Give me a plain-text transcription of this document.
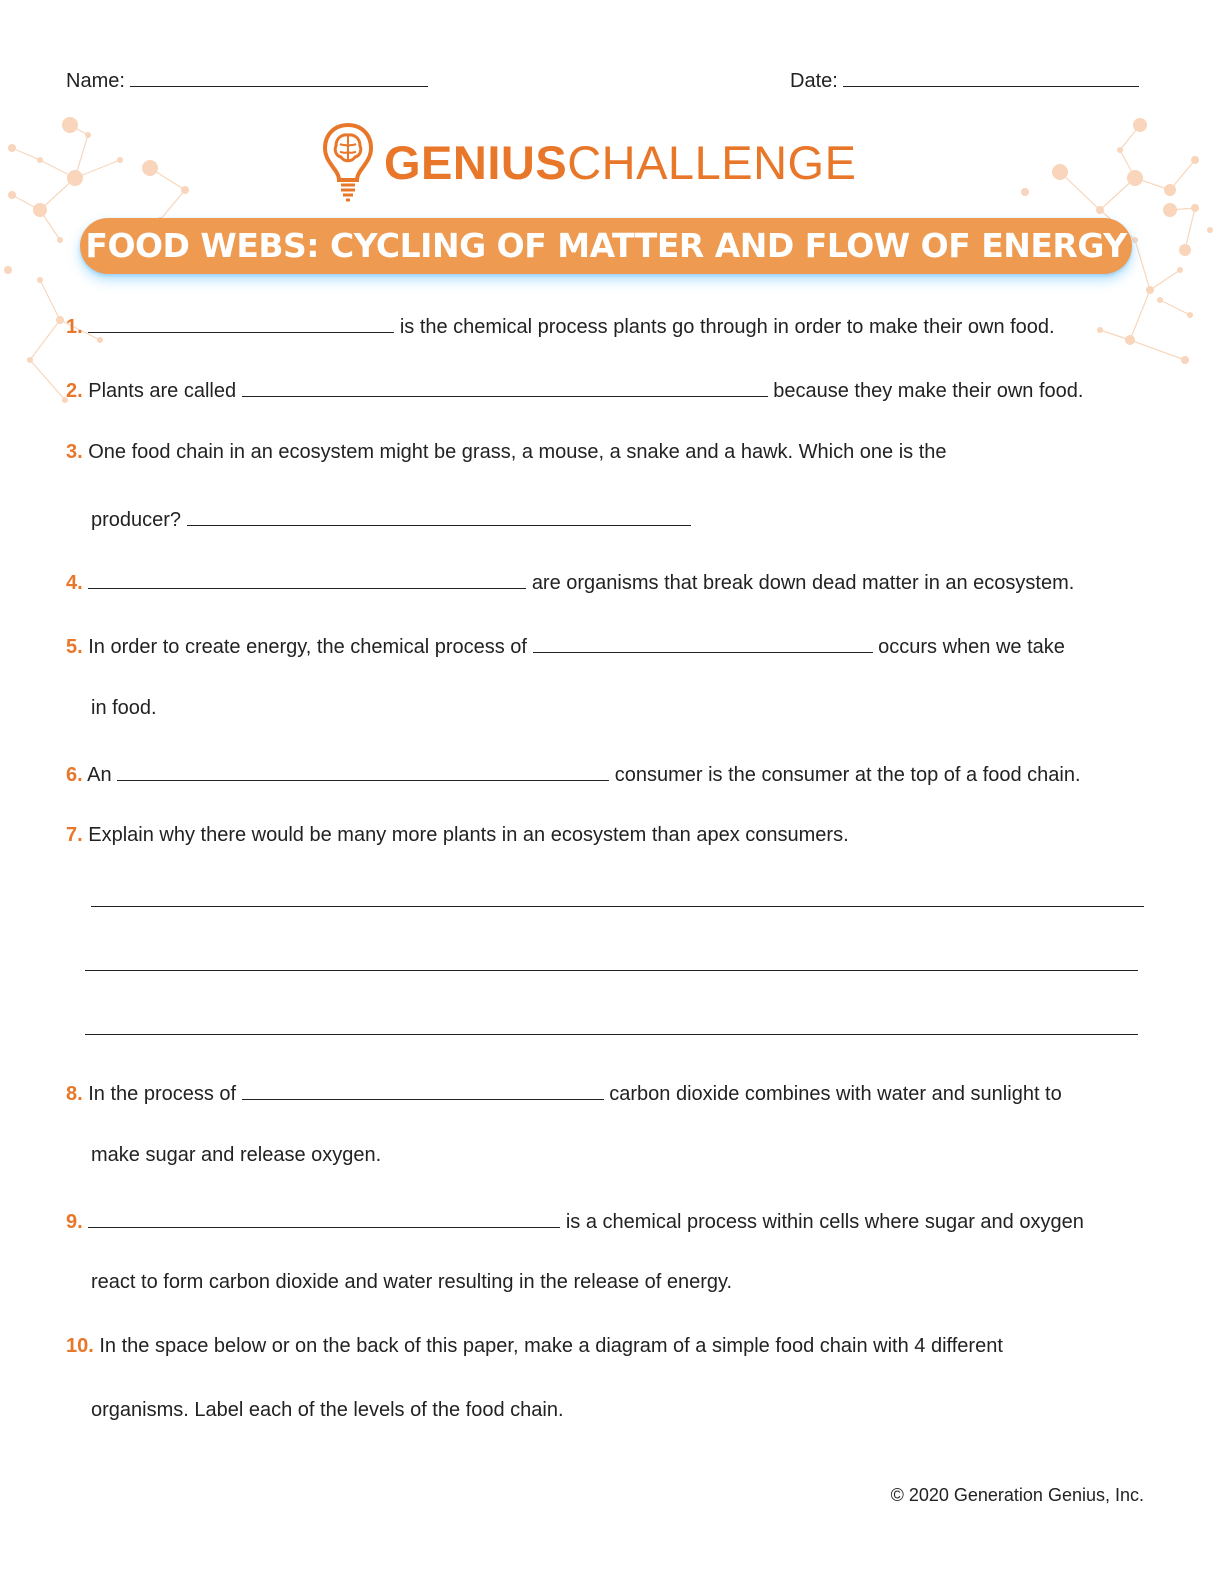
Name:	Date:
GENIUSCHALLENGE
FOOD WEBS: CYCLING OF MATTER AND FLOW OF ENERGY
1.	is the chemical process plants go through in order to make their own food.
2. Plants are called	because they make their own food.
3. One food chain in an ecosystem might be grass, a mouse, a snake and a hawk. Which one is the
producer?
4.	are organisms that break down dead matter in an ecosystem.
5. In order to create energy, the chemical process of	occurs when we take
in food.
6. An	consumer is the consumer at the top of a food chain.
7. Explain why there would be many more plants in an ecosystem than apex consumers.
8. In the process of	carbon dioxide combines with water and sunlight to
make sugar and release oxygen.
9.	is a chemical process within cells where sugar and oxygen
react to form carbon dioxide and water resulting in the release of energy.
10. In the space below or on the back of this paper, make a diagram of a simple food chain with 4 different
organisms. Label each of the levels of the food chain.
© 2020 Generation Genius, Inc.
